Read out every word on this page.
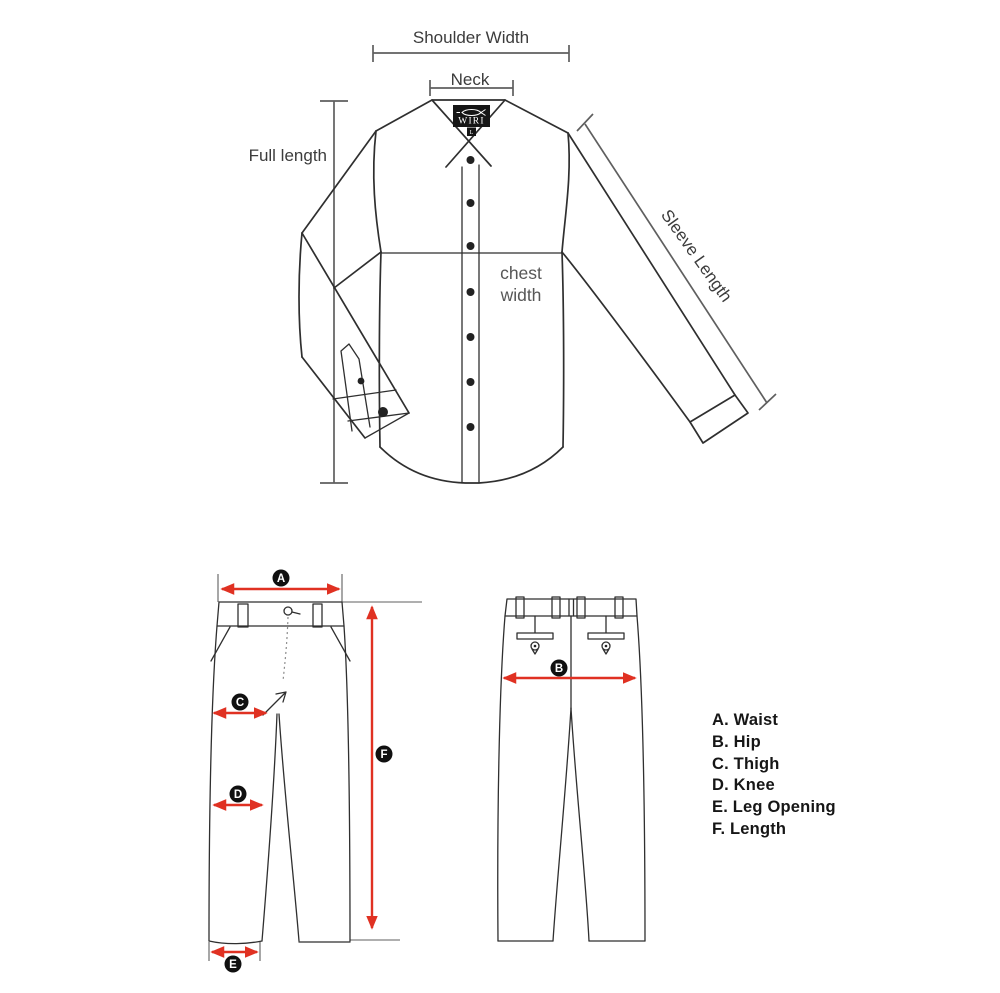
WIRI
L
Shoulder Width
Neck
Full length
chest
width	Sleeve Length
A
B
C
D
E
F
A. Waist
B. Hip
C. Thigh
D. Knee
E. Leg Opening
F. Length
